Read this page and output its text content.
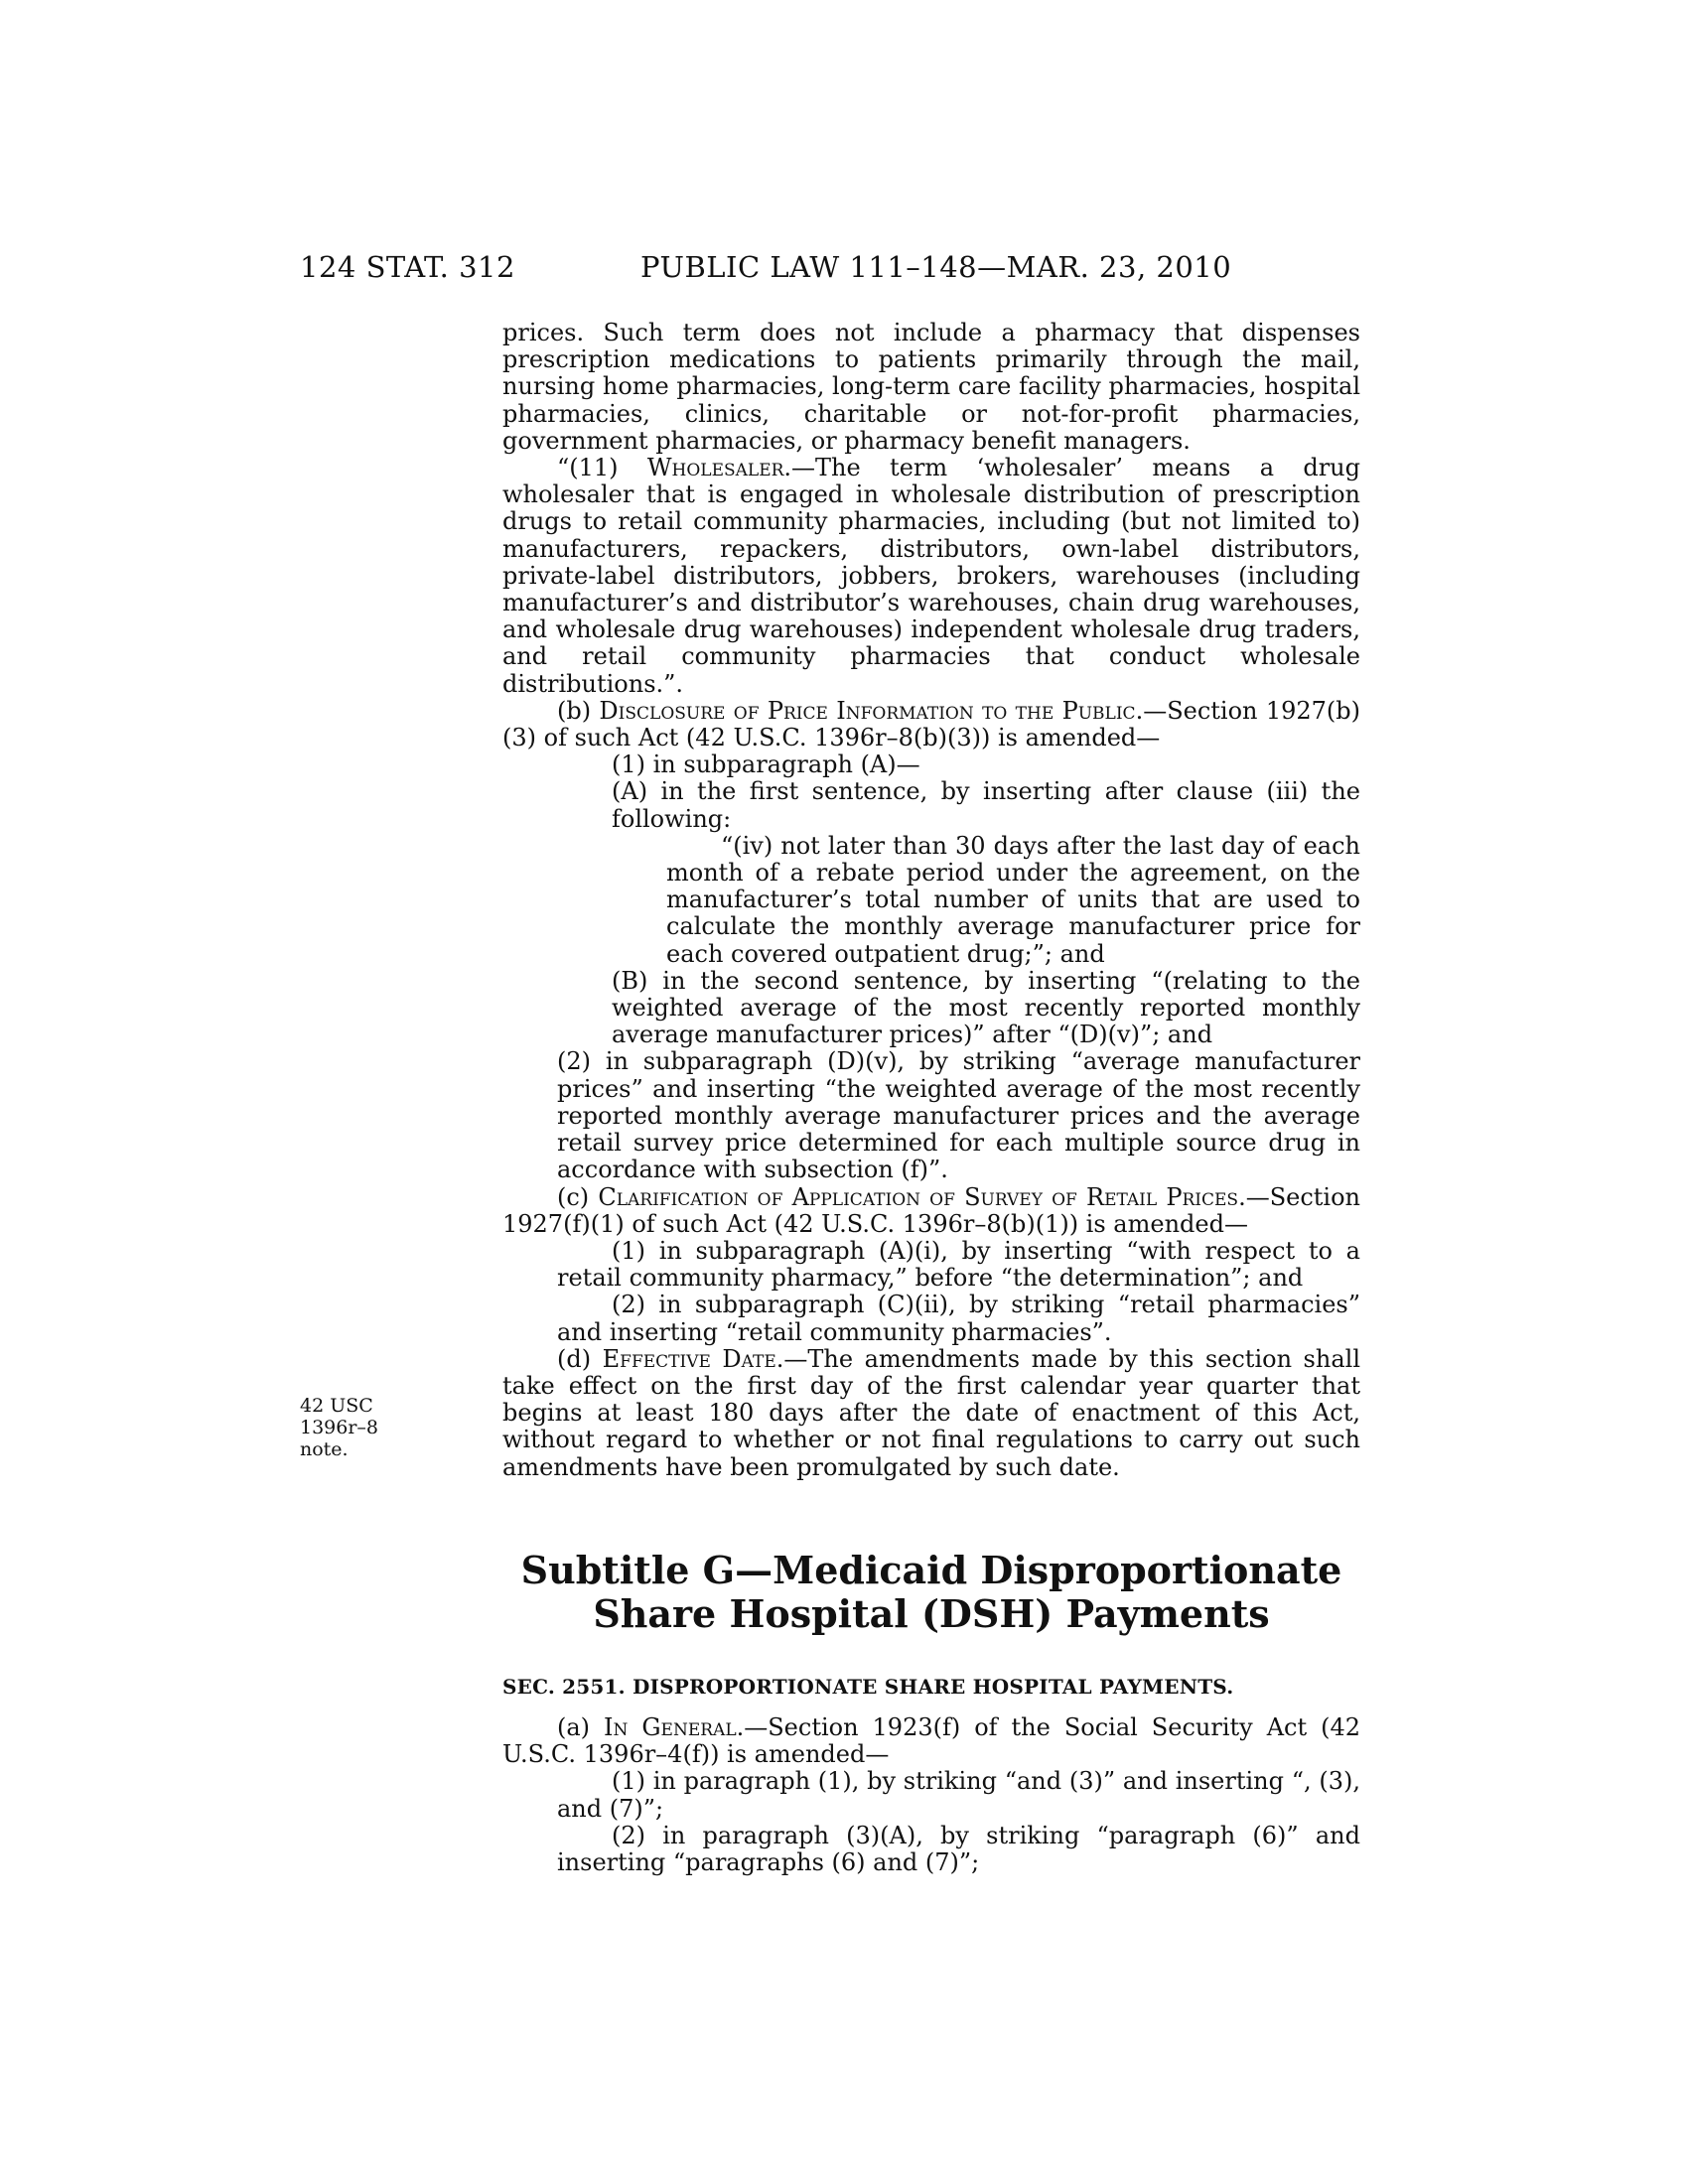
124 STAT. 312	PUBLIC LAW 111–148—MAR. 23, 2010

prices. Such term does not include a pharmacy that dispenses prescription medications to patients primarily through the mail, nursing home pharmacies, long-term care facility pharmacies, hospital pharmacies, clinics, charitable or not-for-profit pharmacies, government pharmacies, or pharmacy benefit managers.

“(11) Wholesaler.—The term ‘wholesaler’ means a drug wholesaler that is engaged in wholesale distribution of prescription drugs to retail community pharmacies, including (but not limited to) manufacturers, repackers, distributors, own-label distributors, private-label distributors, jobbers, brokers, warehouses (including manufacturer’s and distributor’s warehouses, chain drug warehouses, and wholesale drug warehouses) independent wholesale drug traders, and retail community pharmacies that conduct wholesale distributions.”.

(b) Disclosure of Price Information to the Public.—Section 1927(b)(3) of such Act (42 U.S.C. 1396r–8(b)(3)) is amended—

(1) in subparagraph (A)—

(A) in the first sentence, by inserting after clause (iii) the following:

“(iv) not later than 30 days after the last day of each month of a rebate period under the agreement, on the manufacturer’s total number of units that are used to calculate the monthly average manufacturer price for each covered outpatient drug;”; and

(B) in the second sentence, by inserting “(relating to the weighted average of the most recently reported monthly average manufacturer prices)” after “(D)(v)”; and

(2) in subparagraph (D)(v), by striking “average manufacturer prices” and inserting “the weighted average of the most recently reported monthly average manufacturer prices and the average retail survey price determined for each multiple source drug in accordance with subsection (f)”.

(c) Clarification of Application of Survey of Retail Prices.—Section 1927(f)(1) of such Act (42 U.S.C. 1396r–8(b)(1)) is amended—

(1) in subparagraph (A)(i), by inserting “with respect to a retail community pharmacy,” before “the determination”; and

(2) in subparagraph (C)(ii), by striking “retail pharmacies” and inserting “retail community pharmacies”.

(d) Effective Date.—The amendments made by this section shall take effect on the first day of the first calendar year quarter that begins at least 180 days after the date of enactment of this Act, without regard to whether or not final regulations to carry out such amendments have been promulgated by such date.

42 USC 1396r–8
note.
Subtitle G—Medicaid Disproportionate
Share Hospital (DSH) Payments
SEC. 2551. DISPROPORTIONATE SHARE HOSPITAL PAYMENTS.

(a) In General.—Section 1923(f) of the Social Security Act (42 U.S.C. 1396r–4(f)) is amended—

(1) in paragraph (1), by striking “and (3)” and inserting “, (3), and (7)”;

(2) in paragraph (3)(A), by striking “paragraph (6)” and inserting “paragraphs (6) and (7)”;
